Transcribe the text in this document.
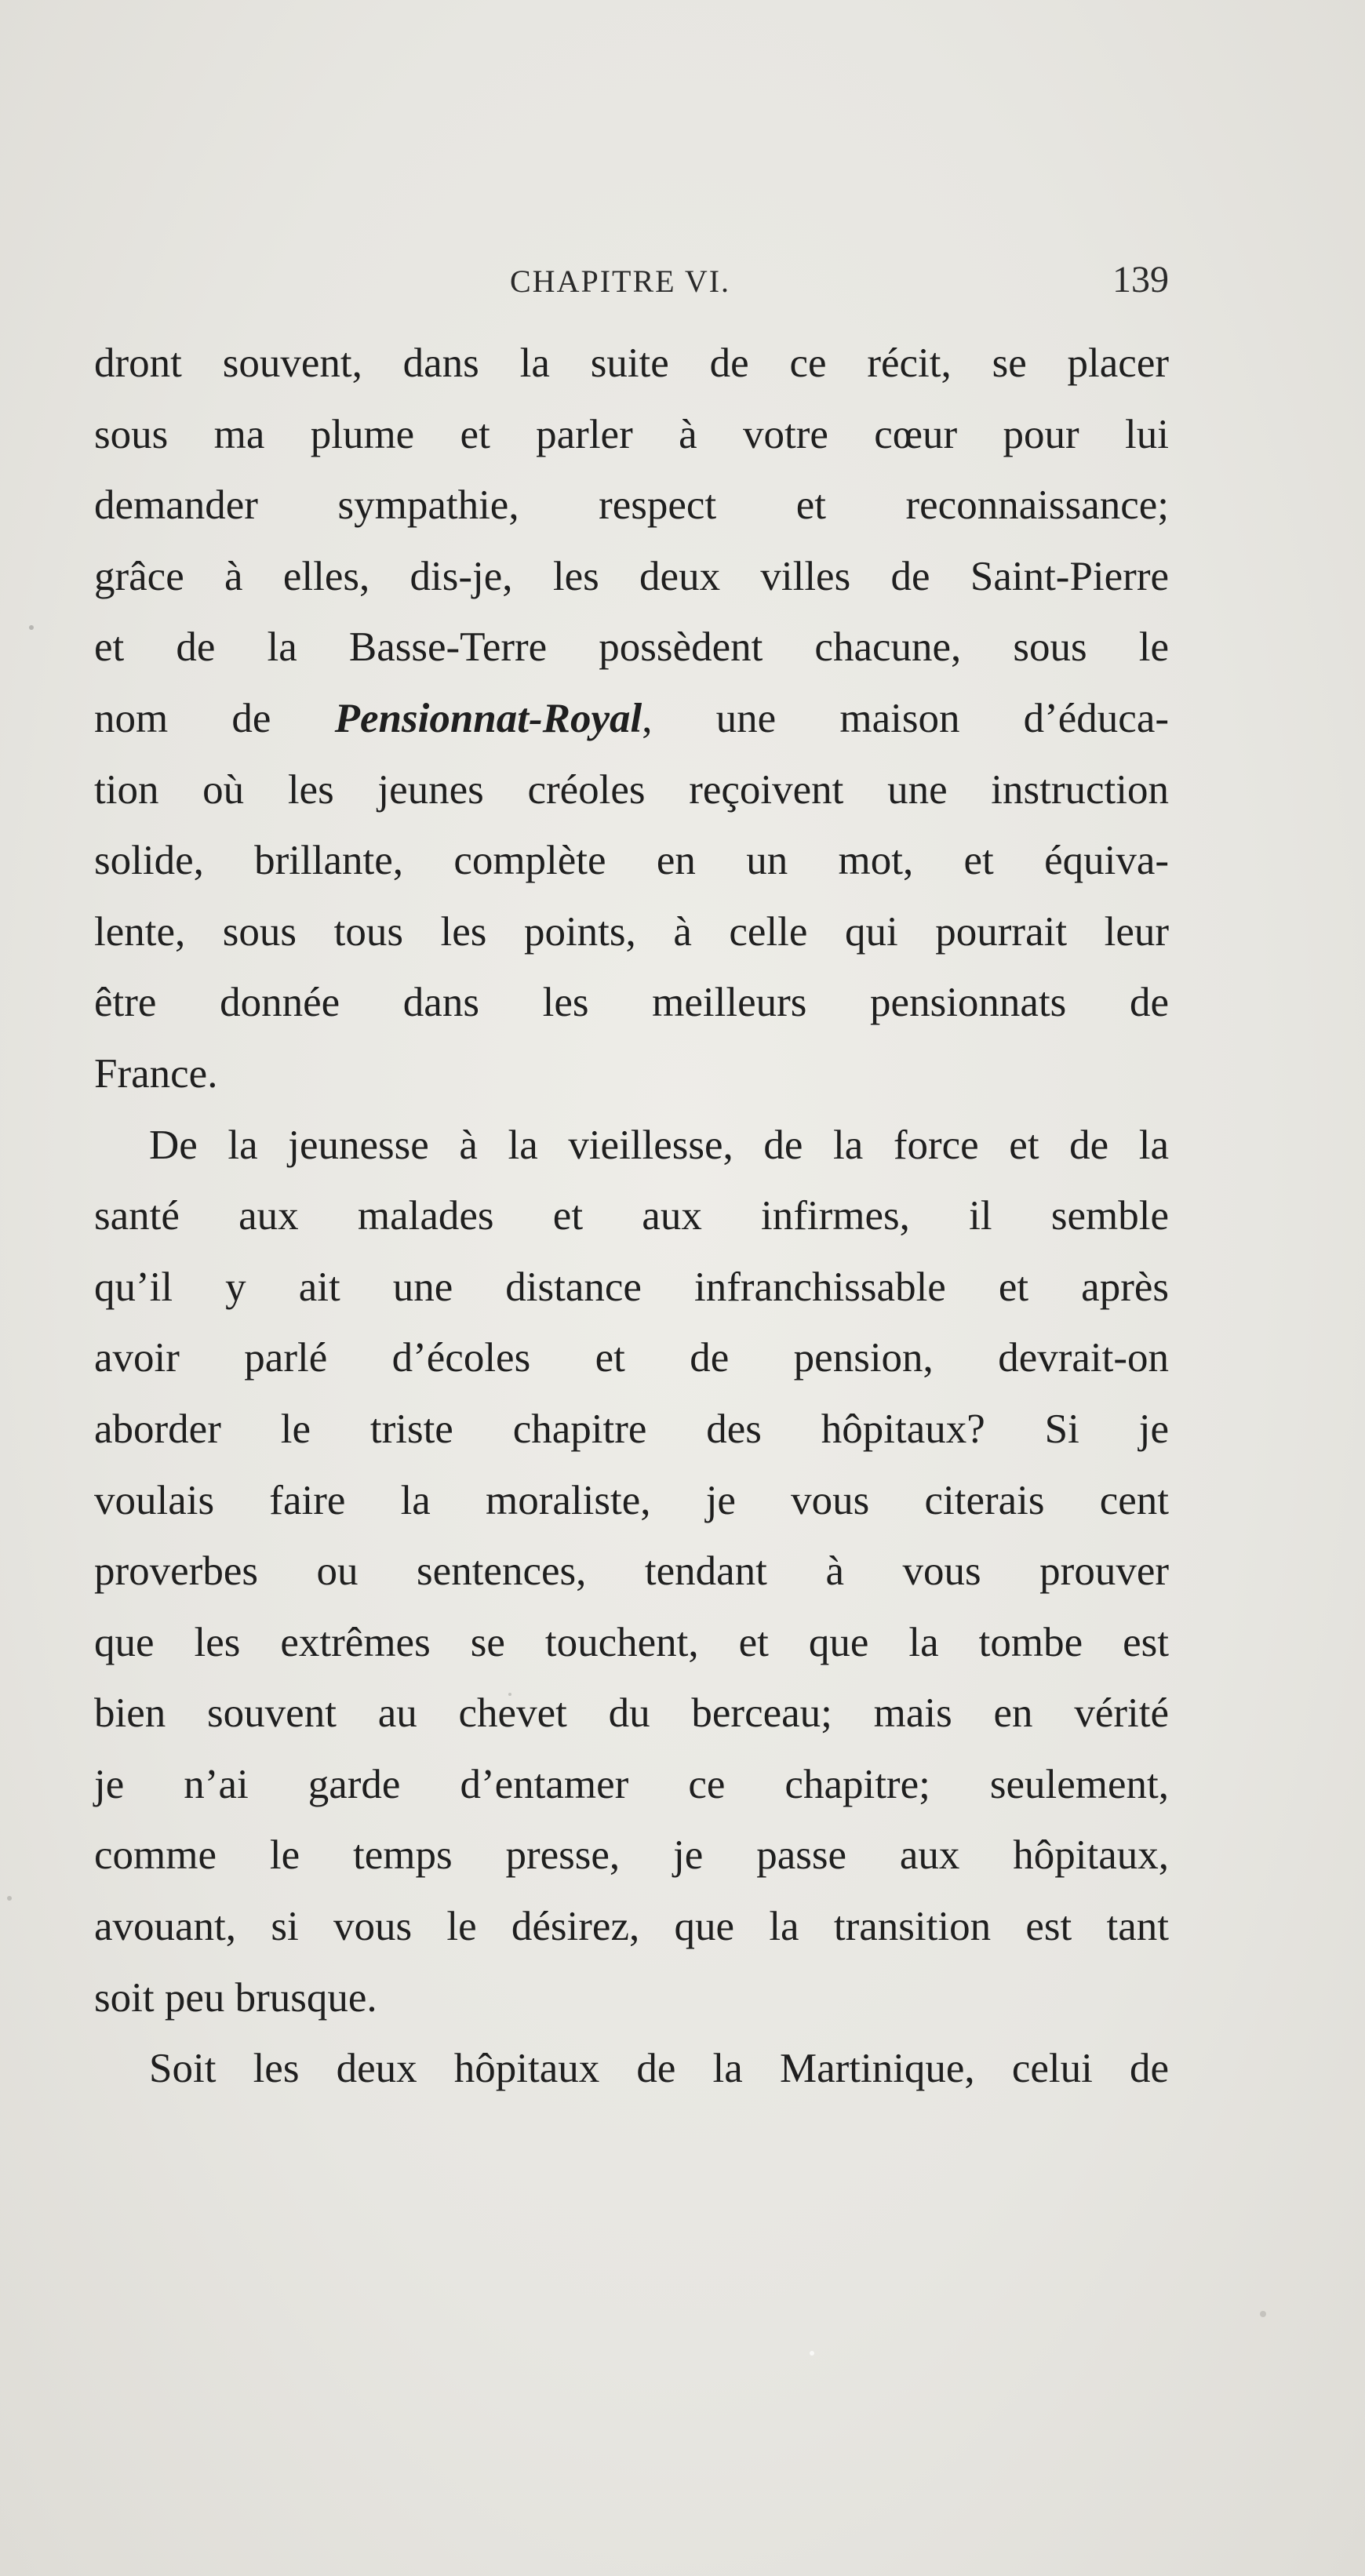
CHAPITRE VI.	139
dront souvent, dans la suite de ce récit, se placer
sous ma plume et parler à votre cœur pour lui
demander sympathie, respect et reconnaissance;
grâce à elles, dis-je, les deux villes de Saint-Pierre
et de la Basse-Terre possèdent chacune, sous le
nom de Pensionnat-Royal, une maison d’éduca-
tion où les jeunes créoles reçoivent une instruction
solide, brillante, complète en un mot, et équiva-
lente, sous tous les points, à celle qui pourrait leur
être donnée dans les meilleurs pensionnats de
France.
De la jeunesse à la vieillesse, de la force et de la
santé aux malades et aux infirmes, il semble
qu’il y ait une distance infranchissable et après
avoir parlé d’écoles et de pension, devrait-on
aborder le triste chapitre des hôpitaux? Si je
voulais faire la moraliste, je vous citerais cent
proverbes ou sentences, tendant à vous prouver
que les extrêmes se touchent, et que la tombe est
bien souvent au chevet du berceau; mais en vérité
je n’ai garde d’entamer ce chapitre; seulement,
comme le temps presse, je passe aux hôpitaux,
avouant, si vous le désirez, que la transition est tant
soit peu brusque.
Soit les deux hôpitaux de la Martinique, celui de
